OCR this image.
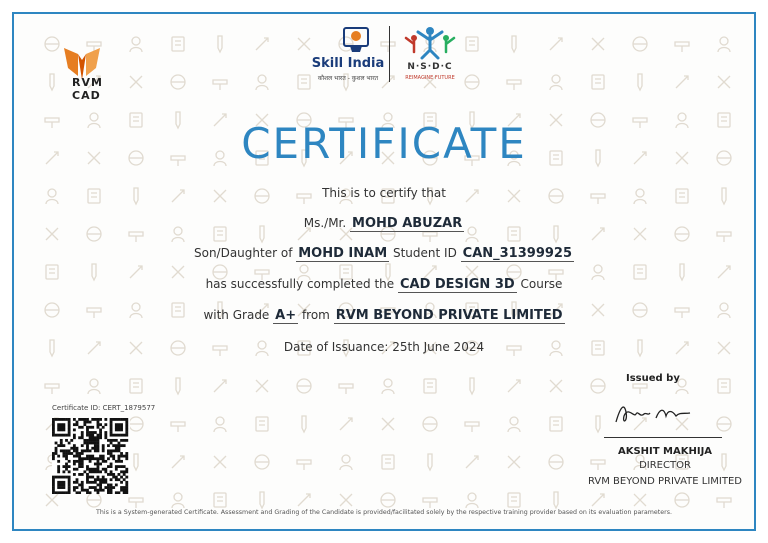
RVM
CAD
Skill India
कौशल भारत - कुशल भारत
N·S·D·C
REIMAGINE FUTURE
CERTIFICATE
This is to certify that
Ms./Mr. MOHD ABUZAR
Son/Daughter of MOHD INAM Student ID CAN_31399925
has successfully completed the CAD DESIGN 3D Course
with Grade A+ from RVM BEYOND PRIVATE LIMITED
Date of Issuance: 25th June 2024
Certificate ID: CERT_1879577
Issued by
AKSHIT MAKHIJA
DIRECTOR
RVM BEYOND PRIVATE LIMITED
This is a System-generated Certificate. Assessment and Grading of the Candidate is provided/facilitated solely by the respective training provider based on its evaluation parameters.
